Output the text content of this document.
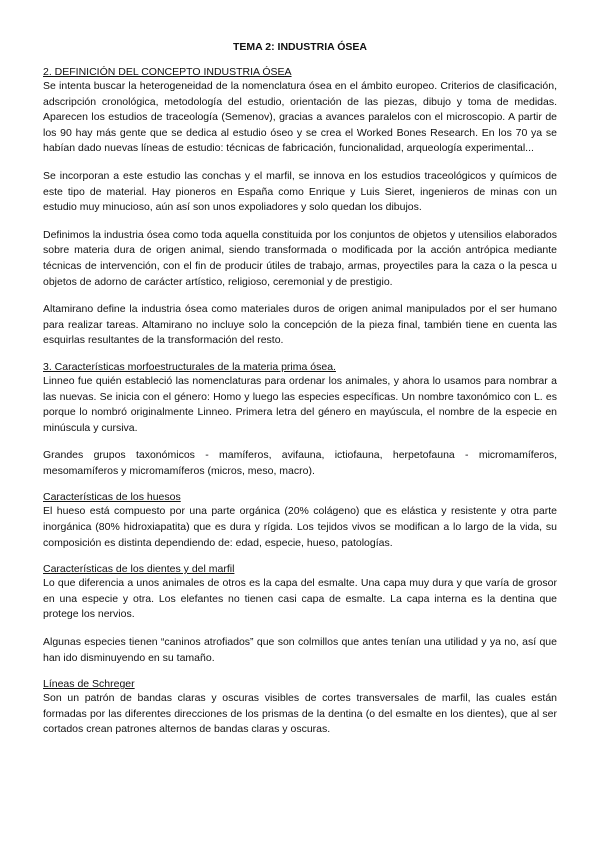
TEMA 2: INDUSTRIA ÓSEA
2. DEFINICIÓN DEL CONCEPTO INDUSTRIA ÓSEA

Se intenta buscar la heterogeneidad de la nomenclatura ósea en el ámbito europeo. Criterios de clasificación, adscripción cronológica, metodología del estudio, orientación de las piezas, dibujo y toma de medidas. Aparecen los estudios de traceología (Semenov), gracias a avances paralelos con el microscopio. A partir de los 90 hay más gente que se dedica al estudio óseo y se crea el Worked Bones Research. En los 70 ya se habían dado nuevas líneas de estudio: técnicas de fabricación, funcionalidad, arqueología experimental...

Se incorporan a este estudio las conchas y el marfil, se innova en los estudios traceológicos y químicos de este tipo de material. Hay pioneros en España como Enrique y Luis Sieret, ingenieros de minas con un estudio muy minucioso, aún así son unos expoliadores y solo quedan los dibujos.

Definimos la industria ósea como toda aquella constituida por los conjuntos de objetos y utensilios elaborados sobre materia dura de origen animal, siendo transformada o modificada por la acción antrópica mediante técnicas de intervención, con el fin de producir útiles de trabajo, armas, proyectiles para la caza o la pesca u objetos de adorno de carácter artístico, religioso, ceremonial y de prestigio.

Altamirano define la industria ósea como materiales duros de origen animal manipulados por el ser humano para realizar tareas. Altamirano no incluye solo la concepción de la pieza final, también tiene en cuenta las esquirlas resultantes de la transformación del resto.

3. Características morfoestructurales de la materia prima ósea.

Linneo fue quién estableció las nomenclaturas para ordenar los animales, y ahora lo usamos para nombrar a las nuevas. Se inicia con el género: Homo y luego las especies específicas. Un nombre taxonómico con L. es porque lo nombró originalmente Linneo. Primera letra del género en mayúscula, el nombre de la especie en minúscula y cursiva.

Grandes grupos taxonómicos - mamíferos, avifauna, ictiofauna, herpetofauna - micromamíferos, mesomamíferos y micromamíferos (micros, meso, macro).

Características de los huesos

El hueso está compuesto por una parte orgánica (20% colágeno) que es elástica y resistente y otra parte inorgánica (80% hidroxiapatita) que es dura y rígida. Los tejidos vivos se modifican a lo largo de la vida, su composición es distinta dependiendo de: edad, especie, hueso, patologías.

Características de los dientes y del marfil

Lo que diferencia a unos animales de otros es la capa del esmalte. Una capa muy dura y que varía de grosor en una especie y otra. Los elefantes no tienen casi capa de esmalte. La capa interna es la dentina que protege los nervios.

Algunas especies tienen “caninos atrofiados” que son colmillos que antes tenían una utilidad y ya no, así que han ido disminuyendo en su tamaño.

Líneas de Schreger

Son un patrón de bandas claras y oscuras visibles de cortes transversales de marfil, las cuales están formadas por las diferentes direcciones de los prismas de la dentina (o del esmalte en los dientes), que al ser cortados crean patrones alternos de bandas claras y oscuras.
